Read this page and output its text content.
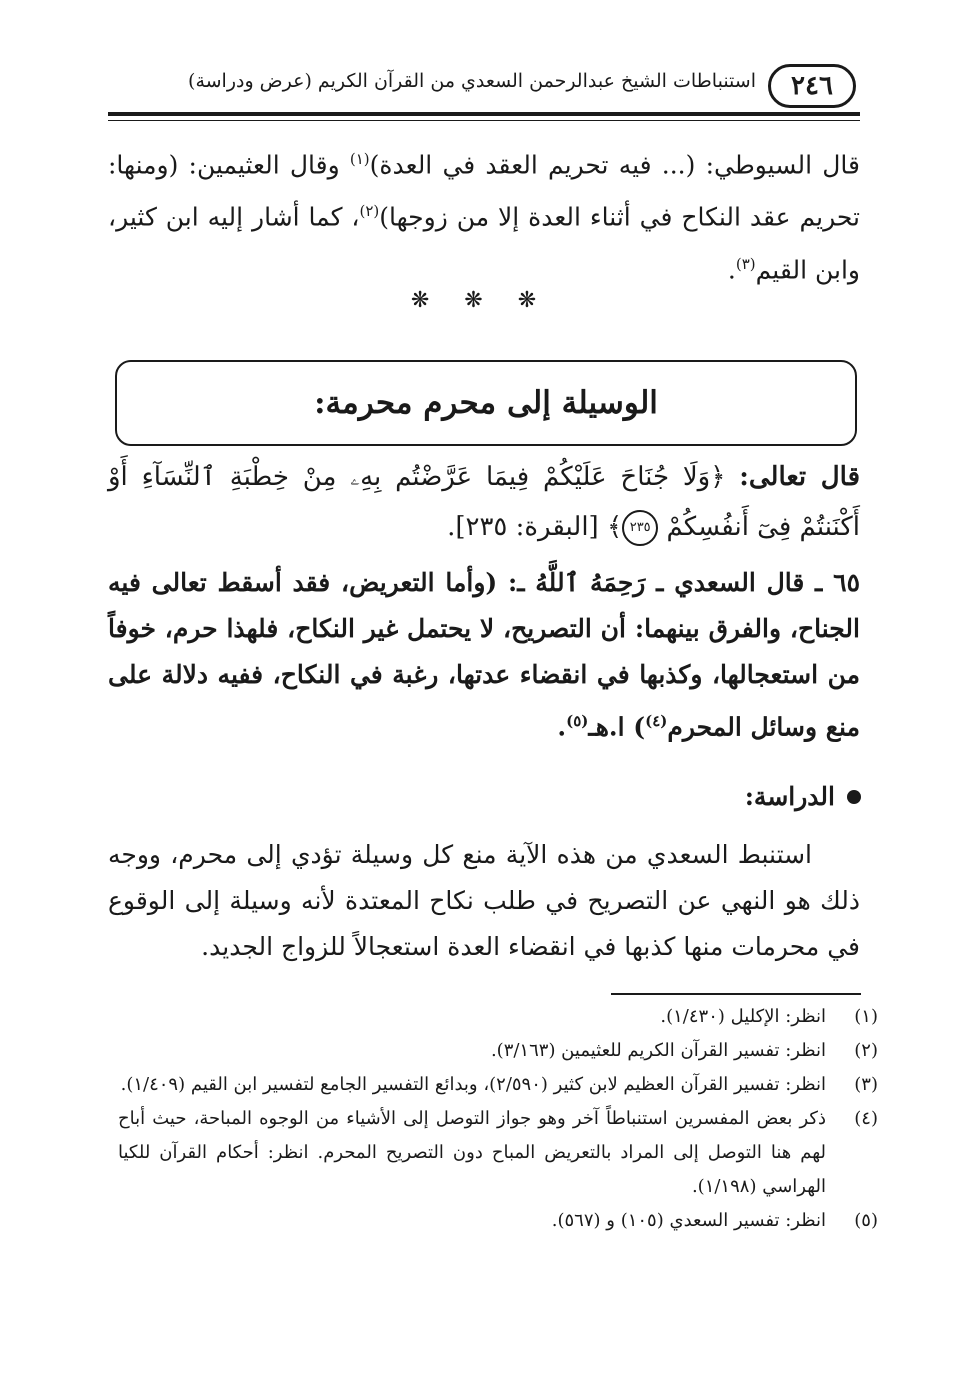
٢٤٦
استنباطات الشيخ عبدالرحمن السعدي من القرآن الكريم (عرض ودراسة)
قال السيوطي: (... فيه تحريم العقد في العدة)$^{(١)}$ وقال العثيمين: (ومنها: تحريم عقد النكاح في أثناء العدة إلا من زوجها)$^{(٢)}$، كما أشار إليه ابن كثير، وابن القيم$^{(٣)}$.
❋ ❋ ❋
الوسيلة إلى محرم محرمة:
قال تعالى: ﴿وَلَا جُنَاحَ عَلَيْكُمْ فِيمَا عَرَّضْتُم بِهِۦ مِنْ خِطْبَةِ ٱلنِّسَآءِ أَوْ أَكْنَنتُمْ فِىٓ أَنفُسِكُمْ ٢٣٥﴾ [البقرة: ٢٣٥].
٦٥ ـ قال السعدي ـ رَحِمَهُ ٱللَّهُ ـ: (وأما التعريض، فقد أسقط تعالى فيه الجناح، والفرق بينهما: أن التصريح، لا يحتمل غير النكاح، فلهذا حرم، خوفاً من استعجالها، وكذبها في انقضاء عدتها، رغبة في النكاح، ففيه دلالة على منع وسائل المحرم$^{(٤)}$) ا.هـ$^{(٥)}$.
الدراسة:
استنبط السعدي من هذه الآية منع كل وسيلة تؤدي إلى محرم، ووجه ذلك هو النهي عن التصريح في طلب نكاح المعتدة لأنه وسيلة إلى الوقوع في محرمات منها كذبها في انقضاء العدة استعجالاً للزواج الجديد.
(١)
انظر: الإكليل (١/٤٣٠).
(٢)
انظر: تفسير القرآن الكريم للعثيمين (٣/١٦٣).
(٣)
انظر: تفسير القرآن العظيم لابن كثير (٢/٥٩٠)، وبدائع التفسير الجامع لتفسير ابن القيم (١/٤٠٩).
(٤)
ذكر بعض المفسرين استنباطاً آخر وهو جواز التوصل إلى الأشياء من الوجوه المباحة، حيث أباح لهم هنا التوصل إلى المراد بالتعريض المباح دون التصريح المحرم. انظر: أحكام القرآن للكيا الهراسي (١/١٩٨).
(٥)
انظر: تفسير السعدي (١٠٥) و (٥٦٧).
